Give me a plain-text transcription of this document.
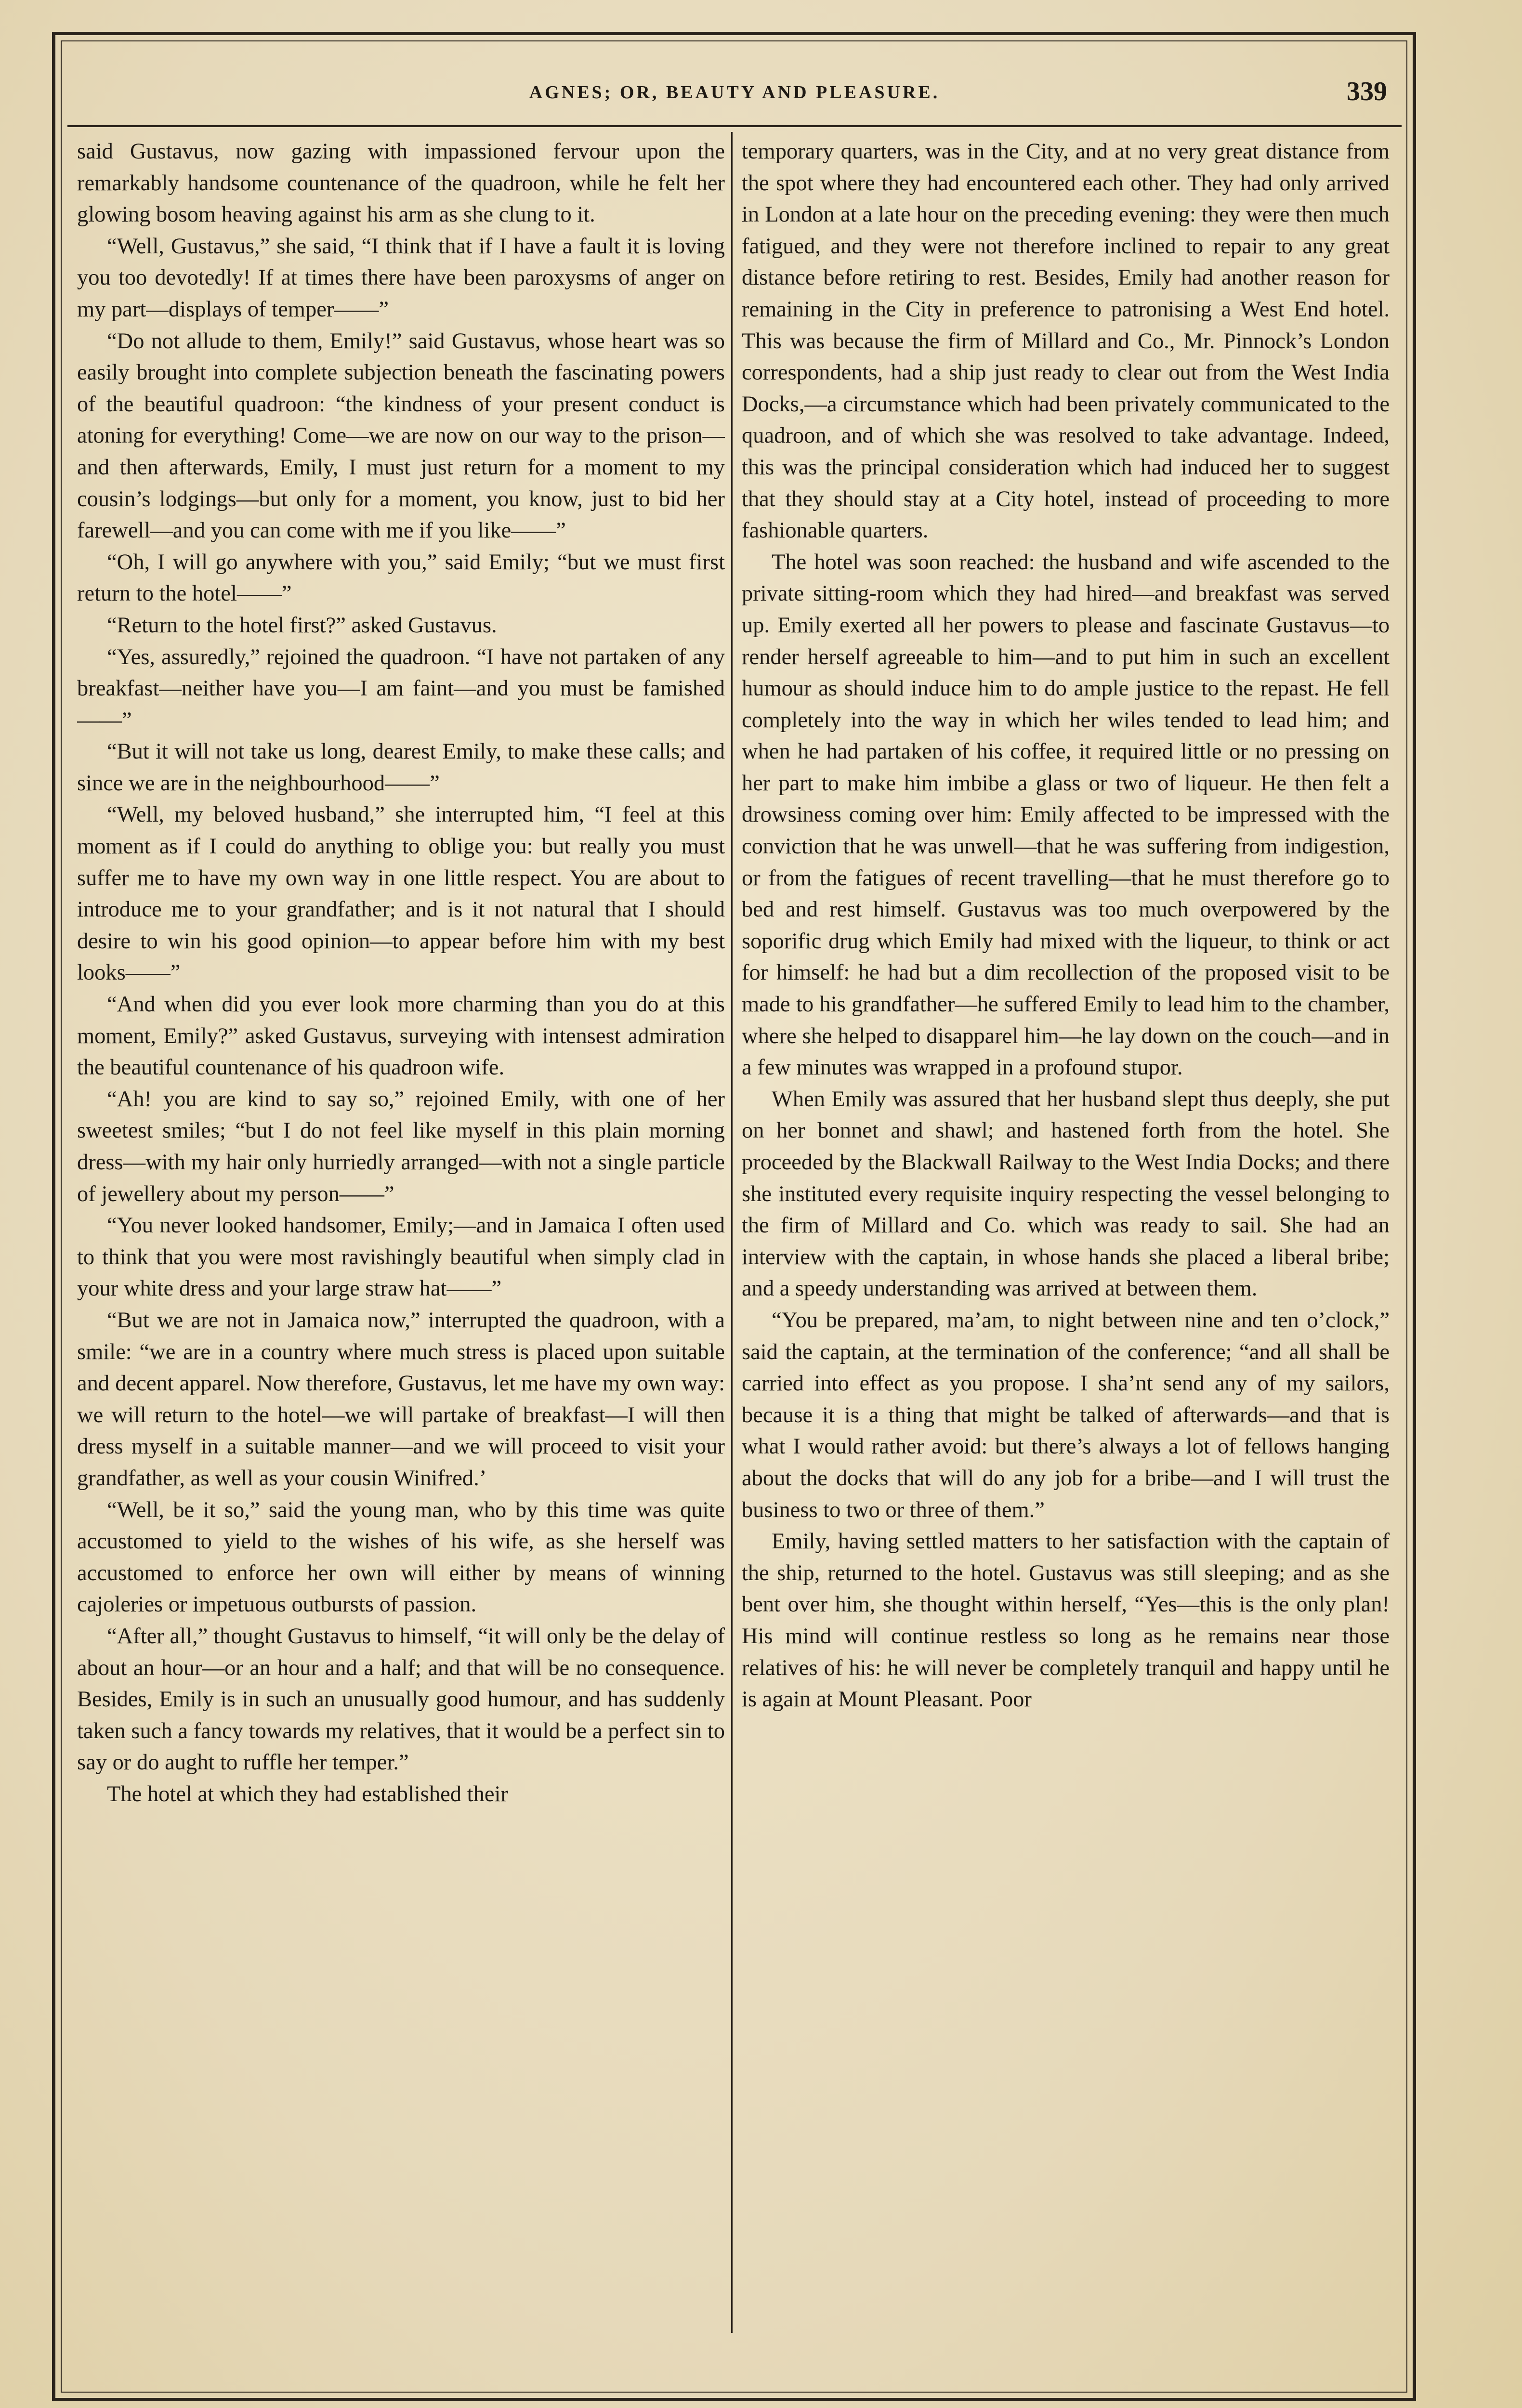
AGNES; OR, BEAUTY AND PLEASURE.	339

said Gustavus, now gazing with impassioned fervour upon the remarkably handsome countenance of the quadroon, while he felt her glowing bosom heaving against his arm as she clung to it.

“Well, Gustavus,” she said, “I think that if I have a fault it is loving you too devotedly! If at times there have been paroxysms of anger on my part—displays of temper——”

“Do not allude to them, Emily!” said Gustavus, whose heart was so easily brought into complete subjection beneath the fascinating powers of the beautiful quadroon: “the kindness of your present conduct is atoning for everything! Come—we are now on our way to the prison—and then afterwards, Emily, I must just return for a moment to my cousin’s lodgings—but only for a moment, you know, just to bid her farewell—and you can come with me if you like——”

“Oh, I will go anywhere with you,” said Emily; “but we must first return to the hotel——”

“Return to the hotel first?” asked Gustavus.

“Yes, assuredly,” rejoined the quadroon. “I have not partaken of any breakfast—neither have you—I am faint—and you must be famished——”

“But it will not take us long, dearest Emily, to make these calls; and since we are in the neighbourhood——”

“Well, my beloved husband,” she interrupted him, “I feel at this moment as if I could do anything to oblige you: but really you must suffer me to have my own way in one little respect. You are about to introduce me to your grandfather; and is it not natural that I should desire to win his good opinion—to appear before him with my best looks——”

“And when did you ever look more charming than you do at this moment, Emily?” asked Gustavus, surveying with intensest admiration the beautiful countenance of his quadroon wife.

“Ah! you are kind to say so,” rejoined Emily, with one of her sweetest smiles; “but I do not feel like myself in this plain morning dress—with my hair only hurriedly arranged—with not a single particle of jewellery about my person——”

“You never looked handsomer, Emily;—and in Jamaica I often used to think that you were most ravishingly beautiful when simply clad in your white dress and your large straw hat——”

“But we are not in Jamaica now,” interrupted the quadroon, with a smile: “we are in a country where much stress is placed upon suitable and decent apparel. Now therefore, Gustavus, let me have my own way: we will return to the hotel—we will partake of breakfast—I will then dress myself in a suitable manner—and we will proceed to visit your grandfather, as well as your cousin Winifred.’

“Well, be it so,” said the young man, who by this time was quite accustomed to yield to the wishes of his wife, as she herself was accustomed to enforce her own will either by means of winning cajoleries or impetuous outbursts of passion.

“After all,” thought Gustavus to himself, “it will only be the delay of about an hour—or an hour and a half; and that will be no consequence. Besides, Emily is in such an unusually good humour, and has suddenly taken such a fancy towards my relatives, that it would be a perfect sin to say or do aught to ruffle her temper.”

The hotel at which they had established their

temporary quarters, was in the City, and at no very great distance from the spot where they had encountered each other. They had only arrived in London at a late hour on the preceding evening: they were then much fatigued, and they were not therefore inclined to repair to any great distance before retiring to rest. Besides, Emily had another reason for remaining in the City in preference to patronising a West End hotel. This was because the firm of Millard and Co., Mr. Pinnock’s London correspondents, had a ship just ready to clear out from the West India Docks,—a circumstance which had been privately communicated to the quadroon, and of which she was resolved to take advantage. Indeed, this was the principal consideration which had induced her to suggest that they should stay at a City hotel, instead of proceeding to more fashionable quarters.

The hotel was soon reached: the husband and wife ascended to the private sitting-room which they had hired—and breakfast was served up. Emily exerted all her powers to please and fascinate Gustavus—to render herself agreeable to him—and to put him in such an excellent humour as should induce him to do ample justice to the repast. He fell completely into the way in which her wiles tended to lead him; and when he had partaken of his coffee, it required little or no pressing on her part to make him imbibe a glass or two of liqueur. He then felt a drowsiness coming over him: Emily affected to be impressed with the conviction that he was unwell—that he was suffering from indigestion, or from the fatigues of recent travelling—that he must therefore go to bed and rest himself. Gustavus was too much overpowered by the soporific drug which Emily had mixed with the liqueur, to think or act for himself: he had but a dim recollection of the proposed visit to be made to his grandfather—he suffered Emily to lead him to the chamber, where she helped to disapparel him—he lay down on the couch—and in a few minutes was wrapped in a profound stupor.

When Emily was assured that her husband slept thus deeply, she put on her bonnet and shawl; and hastened forth from the hotel. She proceeded by the Blackwall Railway to the West India Docks; and there she instituted every requisite inquiry respecting the vessel belonging to the firm of Millard and Co. which was ready to sail. She had an interview with the captain, in whose hands she placed a liberal bribe; and a speedy understanding was arrived at between them.

“You be prepared, ma’am, to night between nine and ten o’clock,” said the captain, at the termination of the conference; “and all shall be carried into effect as you propose. I sha’nt send any of my sailors, because it is a thing that might be talked of afterwards—and that is what I would rather avoid: but there’s always a lot of fellows hanging about the docks that will do any job for a bribe—and I will trust the business to two or three of them.”

Emily, having settled matters to her satisfaction with the captain of the ship, returned to the hotel. Gustavus was still sleeping; and as she bent over him, she thought within herself, “Yes—this is the only plan! His mind will continue restless so long as he remains near those relatives of his: he will never be completely tranquil and happy until he is again at Mount Pleasant. Poor
